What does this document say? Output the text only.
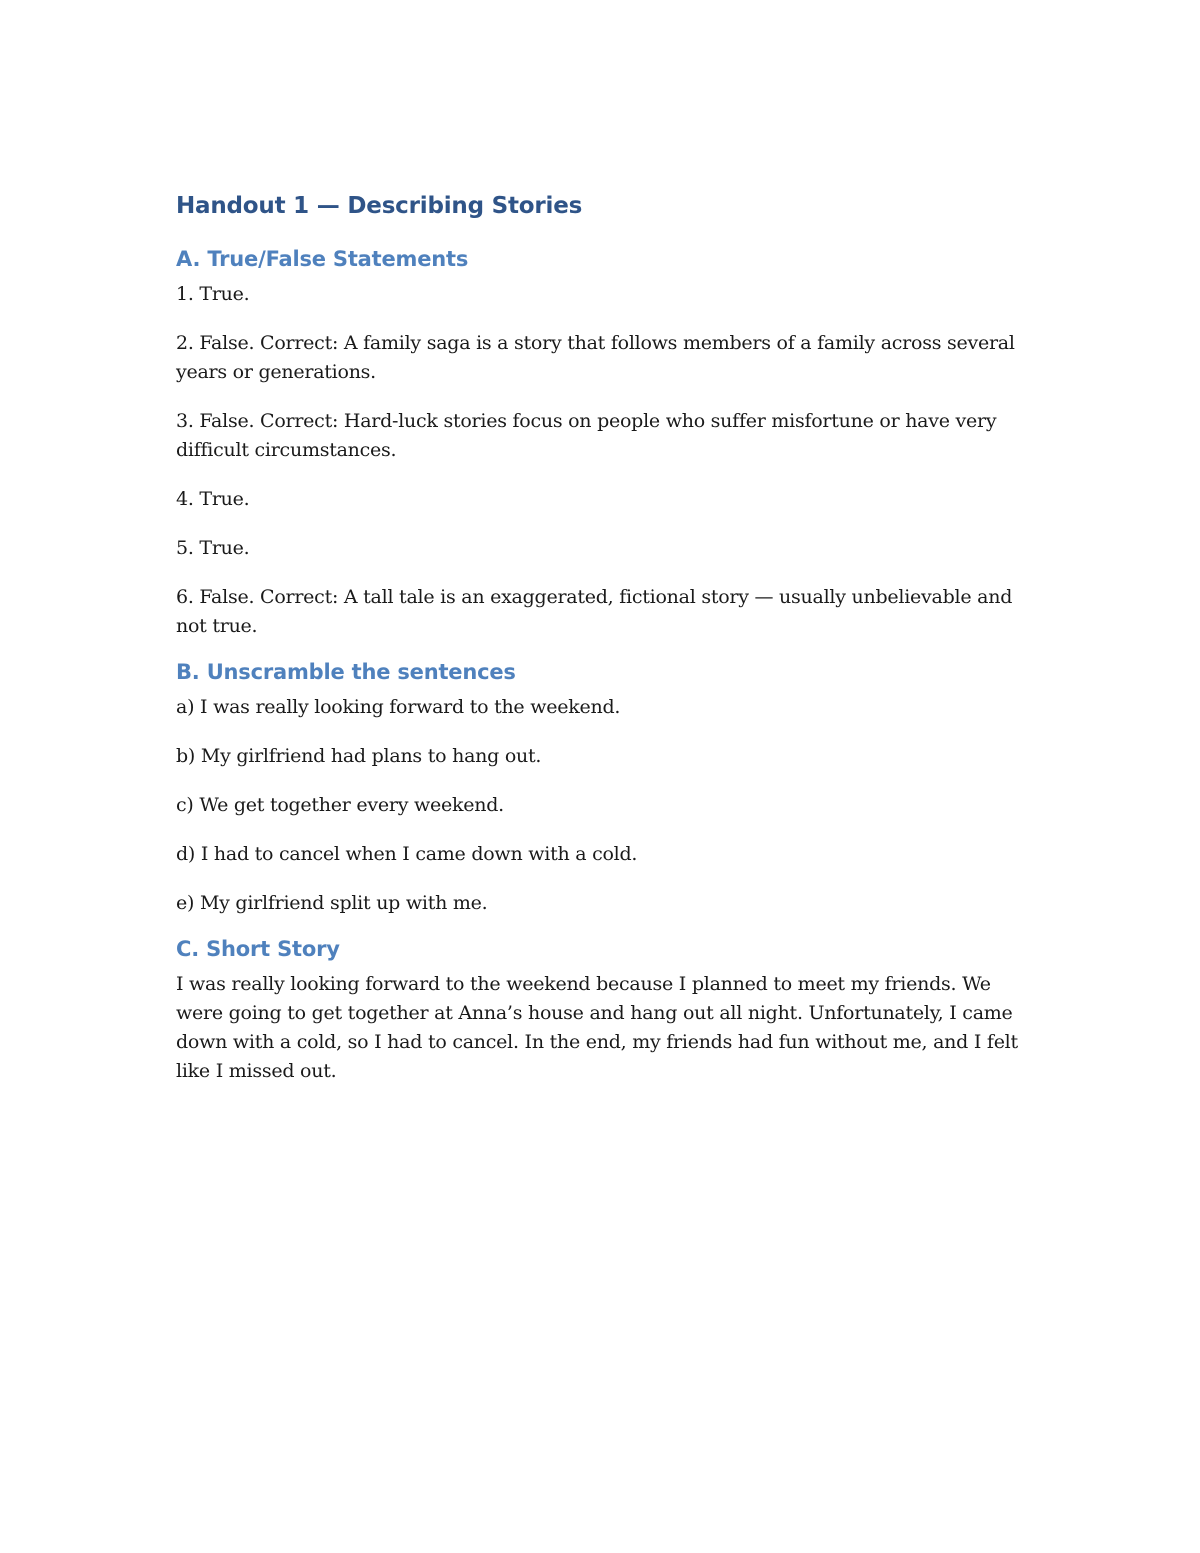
Handout 1 — Describing Stories
A. True/False Statements

1. True.

2. False. Correct: A family saga is a story that follows members of a family across several years or generations.

3. False. Correct: Hard-luck stories focus on people who suffer misfortune or have very difficult circumstances.

4. True.

5. True.

6. False. Correct: A tall tale is an exaggerated, fictional story — usually unbelievable and not true.

B. Unscramble the sentences

a) I was really looking forward to the weekend.

b) My girlfriend had plans to hang out.

c) We get together every weekend.

d) I had to cancel when I came down with a cold.

e) My girlfriend split up with me.

C. Short Story

I was really looking forward to the weekend because I planned to meet my friends. We were going to get together at Anna’s house and hang out all night. Unfortunately, I came down with a cold, so I had to cancel. In the end, my friends had fun without me, and I felt like I missed out.
